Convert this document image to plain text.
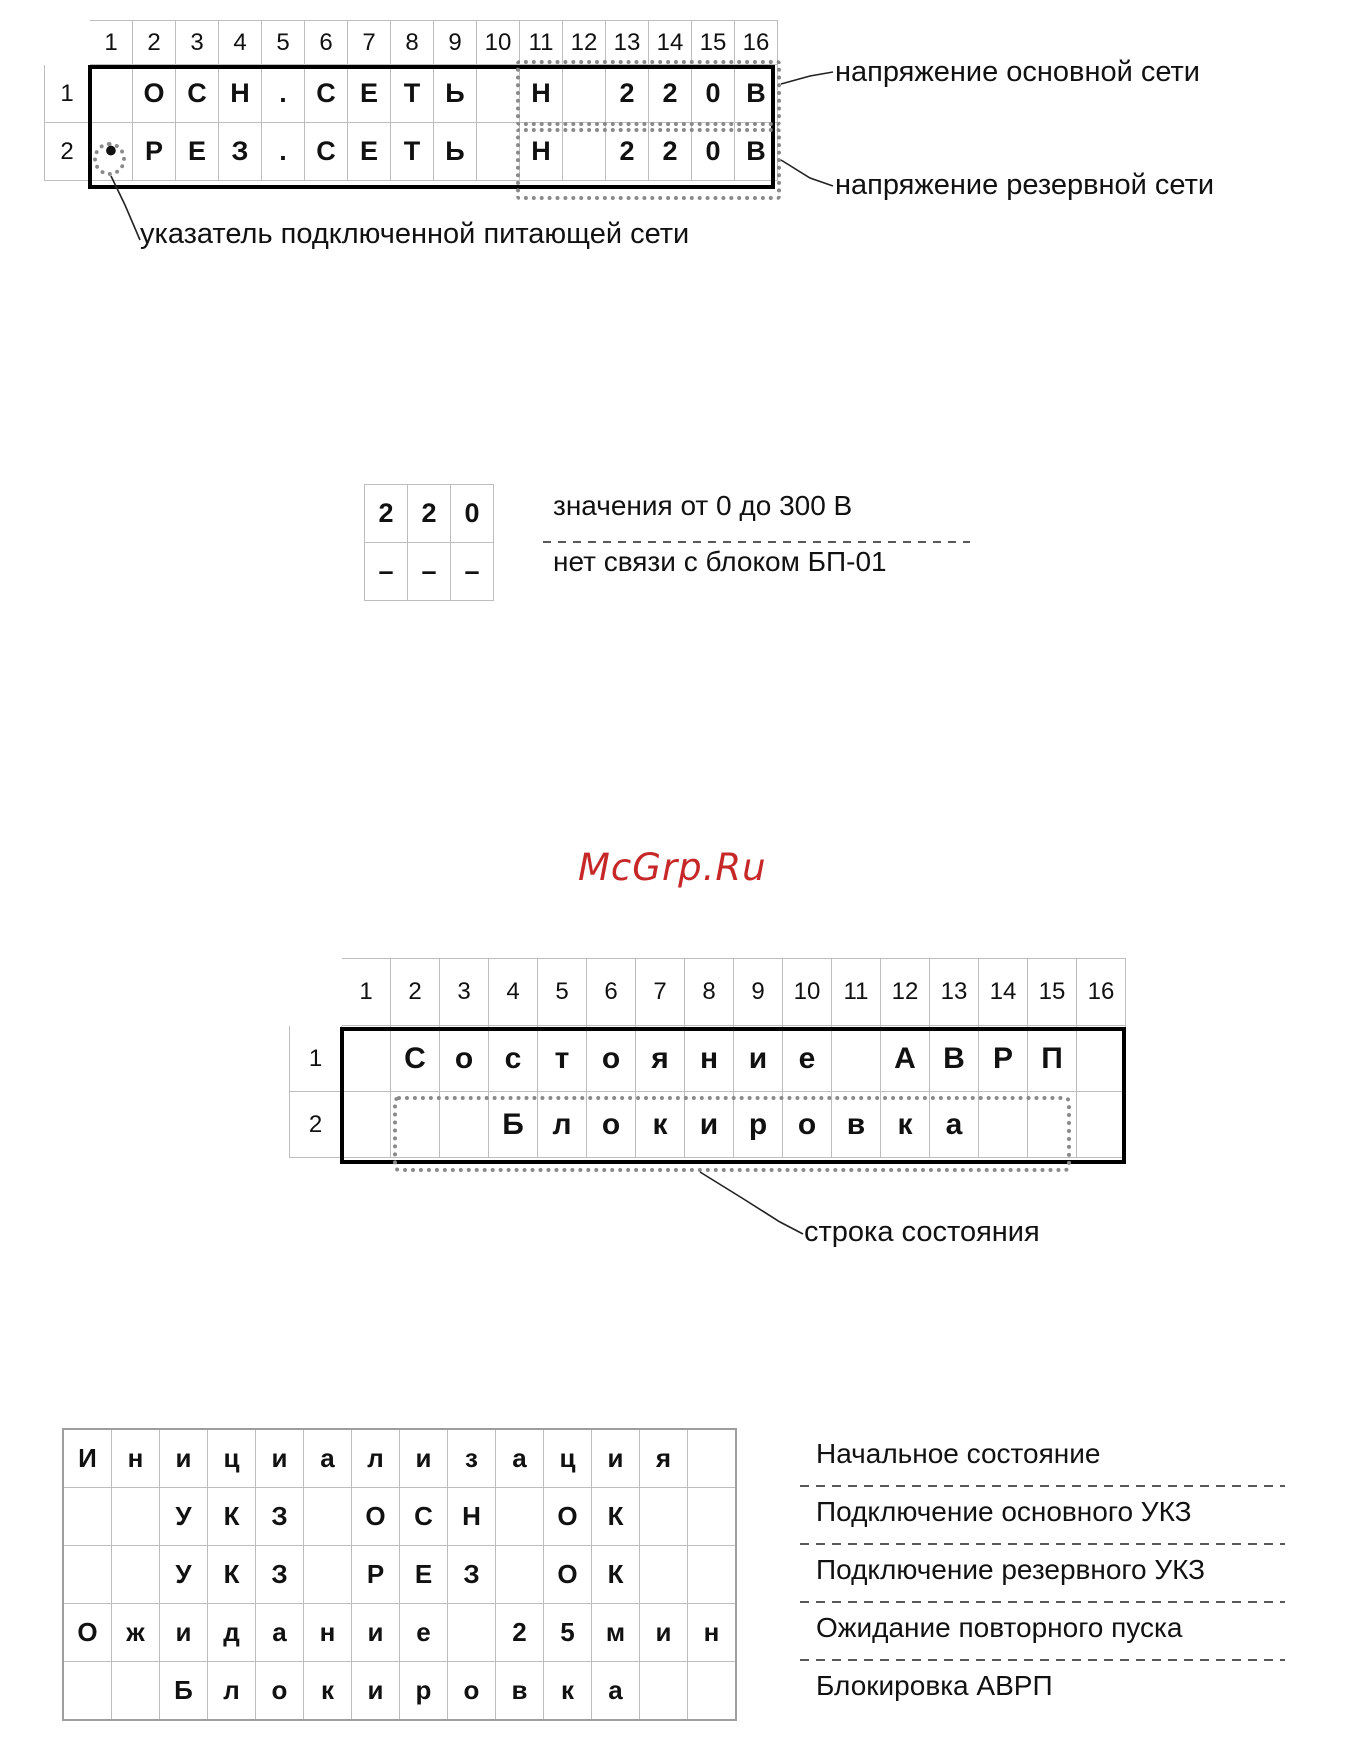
	1	2	3	4	5	6	7	8	9	10	11	12	13	14	15	16
1		О	С	Н	.	С	Е	Т	Ь		Н		2	2	0	В
2	•	Р	Е	З	.	С	Е	Т	Ь		Н		2	2	0	В
напряжение основной сети
напряжение резервной сети
указатель подключенной питающей сети
2	2	0
–	–	–
значения от 0 до 300 В
нет связи с блоком БП-01
McGrp.Ru
	1	2	3	4	5	6	7	8	9	10	11	12	13	14	15	16
1		С	о	с	т	о	я	н	и	е		А	В	Р	П	
2				Б	л	о	к	и	р	о	в	к	а			
строка состояния
И	н	и	ц	и	а	л	и	з	а	ц	и	я	
		У	К	З		О	С	Н		О	К		
		У	К	З		Р	Е	З		О	К		
О	ж	и	д	а	н	и	е		2	5	м	и	н
		Б	л	о	к	и	р	о	в	к	а		
Начальное состояние
Подключение основного УКЗ
Подключение резервного УКЗ
Ожидание повторного пуска
Блокировка АВРП
